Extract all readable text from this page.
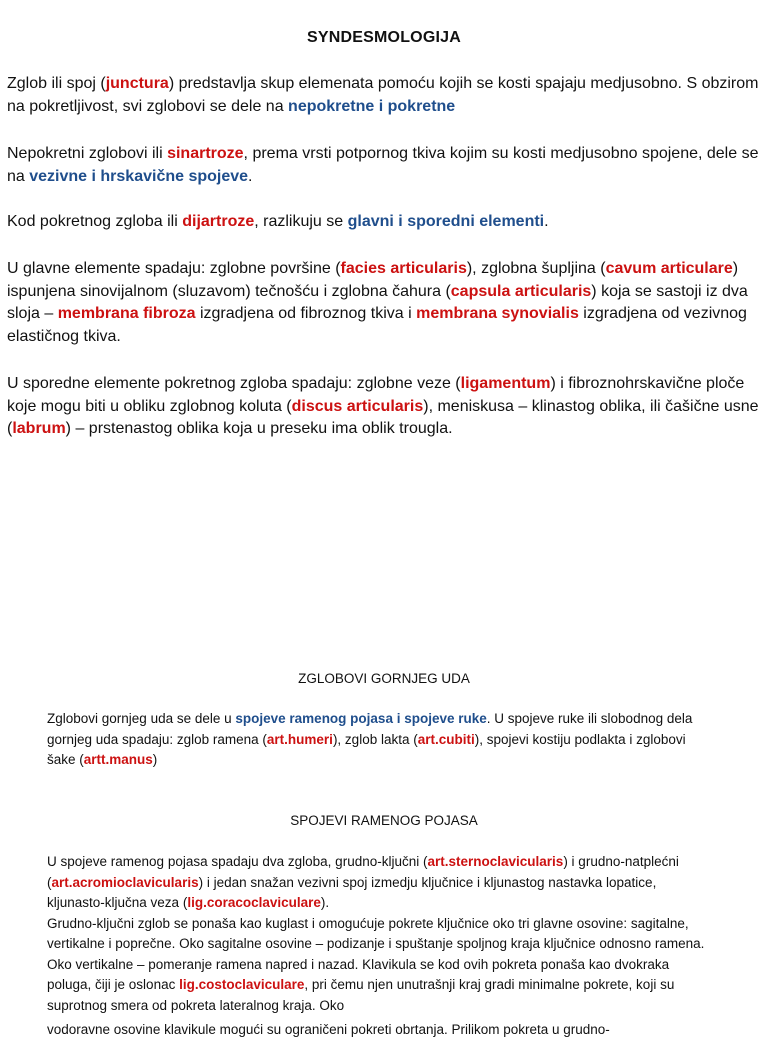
SYNDESMOLOGIJA

Zglob ili spoj (junctura) predstavlja skup elemenata pomoću kojih se kosti spajaju medjusobno. S obzirom na pokretljivost, svi zglobovi se dele na nepokretne i pokretne

Nepokretni zglobovi ili sinartroze, prema vrsti potpornog tkiva kojim su kosti medjusobno spojene, dele se na vezivne i hrskavične spojeve.

Kod pokretnog zgloba ili dijartroze, razlikuju se glavni i sporedni elementi.

U glavne elemente spadaju: zglobne površine (facies articularis), zglobna šupljina (cavum articulare) ispunjena sinovijalnom (sluzavom) tečnošću i zglobna čahura (capsula articularis) koja se sastoji iz dva sloja – membrana fibroza izgradjena od fibroznog tkiva i membrana synovialis izgradjena od vezivnog elastičnog tkiva.

U sporedne elemente pokretnog zgloba spadaju: zglobne veze (ligamentum) i fibroznohrskavične ploče koje mogu biti u obliku zglobnog koluta (discus articularis), meniskusa – klinastog oblika, ili čašične usne (labrum) – prstenastog oblika koja u preseku ima oblik trougla.

ZGLOBOVI GORNJEG UDA

Zglobovi gornjeg uda se dele u spojeve ramenog pojasa i spojeve ruke. U spojeve ruke ili slobodnog dela gornjeg uda spadaju: zglob ramena (art.humeri), zglob lakta (art.cubiti), spojevi kostiju podlakta i zglobovi šake (artt.manus)

SPOJEVI RAMENOG POJASA

U spojeve ramenog pojasa spadaju dva zgloba, grudno-ključni (art.sternoclavicularis) i grudno-natplećni (art.acromioclavicularis) i jedan snažan vezivni spoj izmedju ključnice i kljunastog nastavka lopatice, kljunasto-ključna veza (lig.coracoclaviculare).
Grudno-ključni zglob se ponaša kao kuglast i omogućuje pokrete ključnice oko tri glavne osovine: sagitalne, vertikalne i poprečne. Oko sagitalne osovine – podizanje i spuštanje spoljnog kraja ključnice odnosno ramena. Oko vertikalne – pomeranje ramena napred i nazad. Klavikula se kod ovih pokreta ponaša kao dvokraka poluga, čiji je oslonac lig.costoclaviculare, pri čemu njen unutrašnji kraj gradi minimalne pokrete, koji su suprotnog smera od pokreta lateralnog kraja. Oko

vodoravne osovine klavikule mogući su ograničeni pokreti obrtanja. Prilikom pokreta u grudno-
